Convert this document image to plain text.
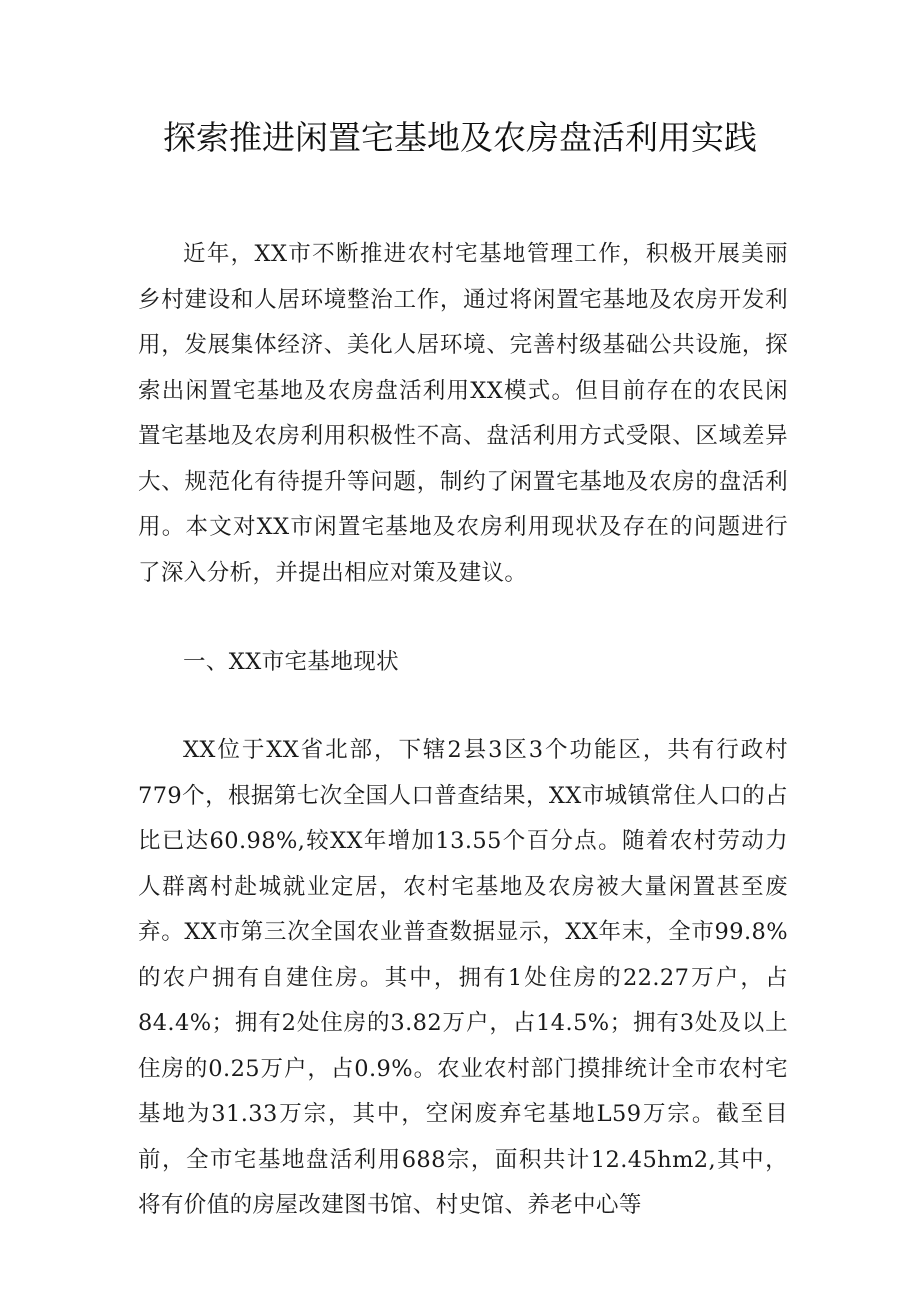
探索推进闲置宅基地及农房盘活利用实践

近年，XX市不断推进农村宅基地管理工作，积极开展美丽乡村建设和人居环境整治工作，通过将闲置宅基地及农房开发利用，发展集体经济、美化人居环境、完善村级基础公共设施，探索出闲置宅基地及农房盘活利用XX模式。但目前存在的农民闲置宅基地及农房利用积极性不高、盘活利用方式受限、区域差异大、规范化有待提升等问题，制约了闲置宅基地及农房的盘活利用。本文对XX市闲置宅基地及农房利用现状及存在的问题进行了深入分析，并提出相应对策及建议。

一、XX市宅基地现状

XX位于XX省北部，下辖2县3区3个功能区，共有行政村779个，根据第七次全国人口普查结果，XX市城镇常住人口的占比已达60.98%,较XX年增加13.55个百分点。随着农村劳动力人群离村赴城就业定居，农村宅基地及农房被大量闲置甚至废弃。XX市第三次全国农业普查数据显示，XX年末，全市99.8%的农户拥有自建住房。其中，拥有1处住房的22.27万户，占84.4%；拥有2处住房的3.82万户，占14.5%；拥有3处及以上住房的0.25万户，占0.9%。农业农村部门摸排统计全市农村宅基地为31.33万宗，其中，空闲废弃宅基地L59万宗。截至目前，全市宅基地盘活利用688宗，面积共计12.45hm2,其中，将有价值的房屋改建图书馆、村史馆、养老中心等
